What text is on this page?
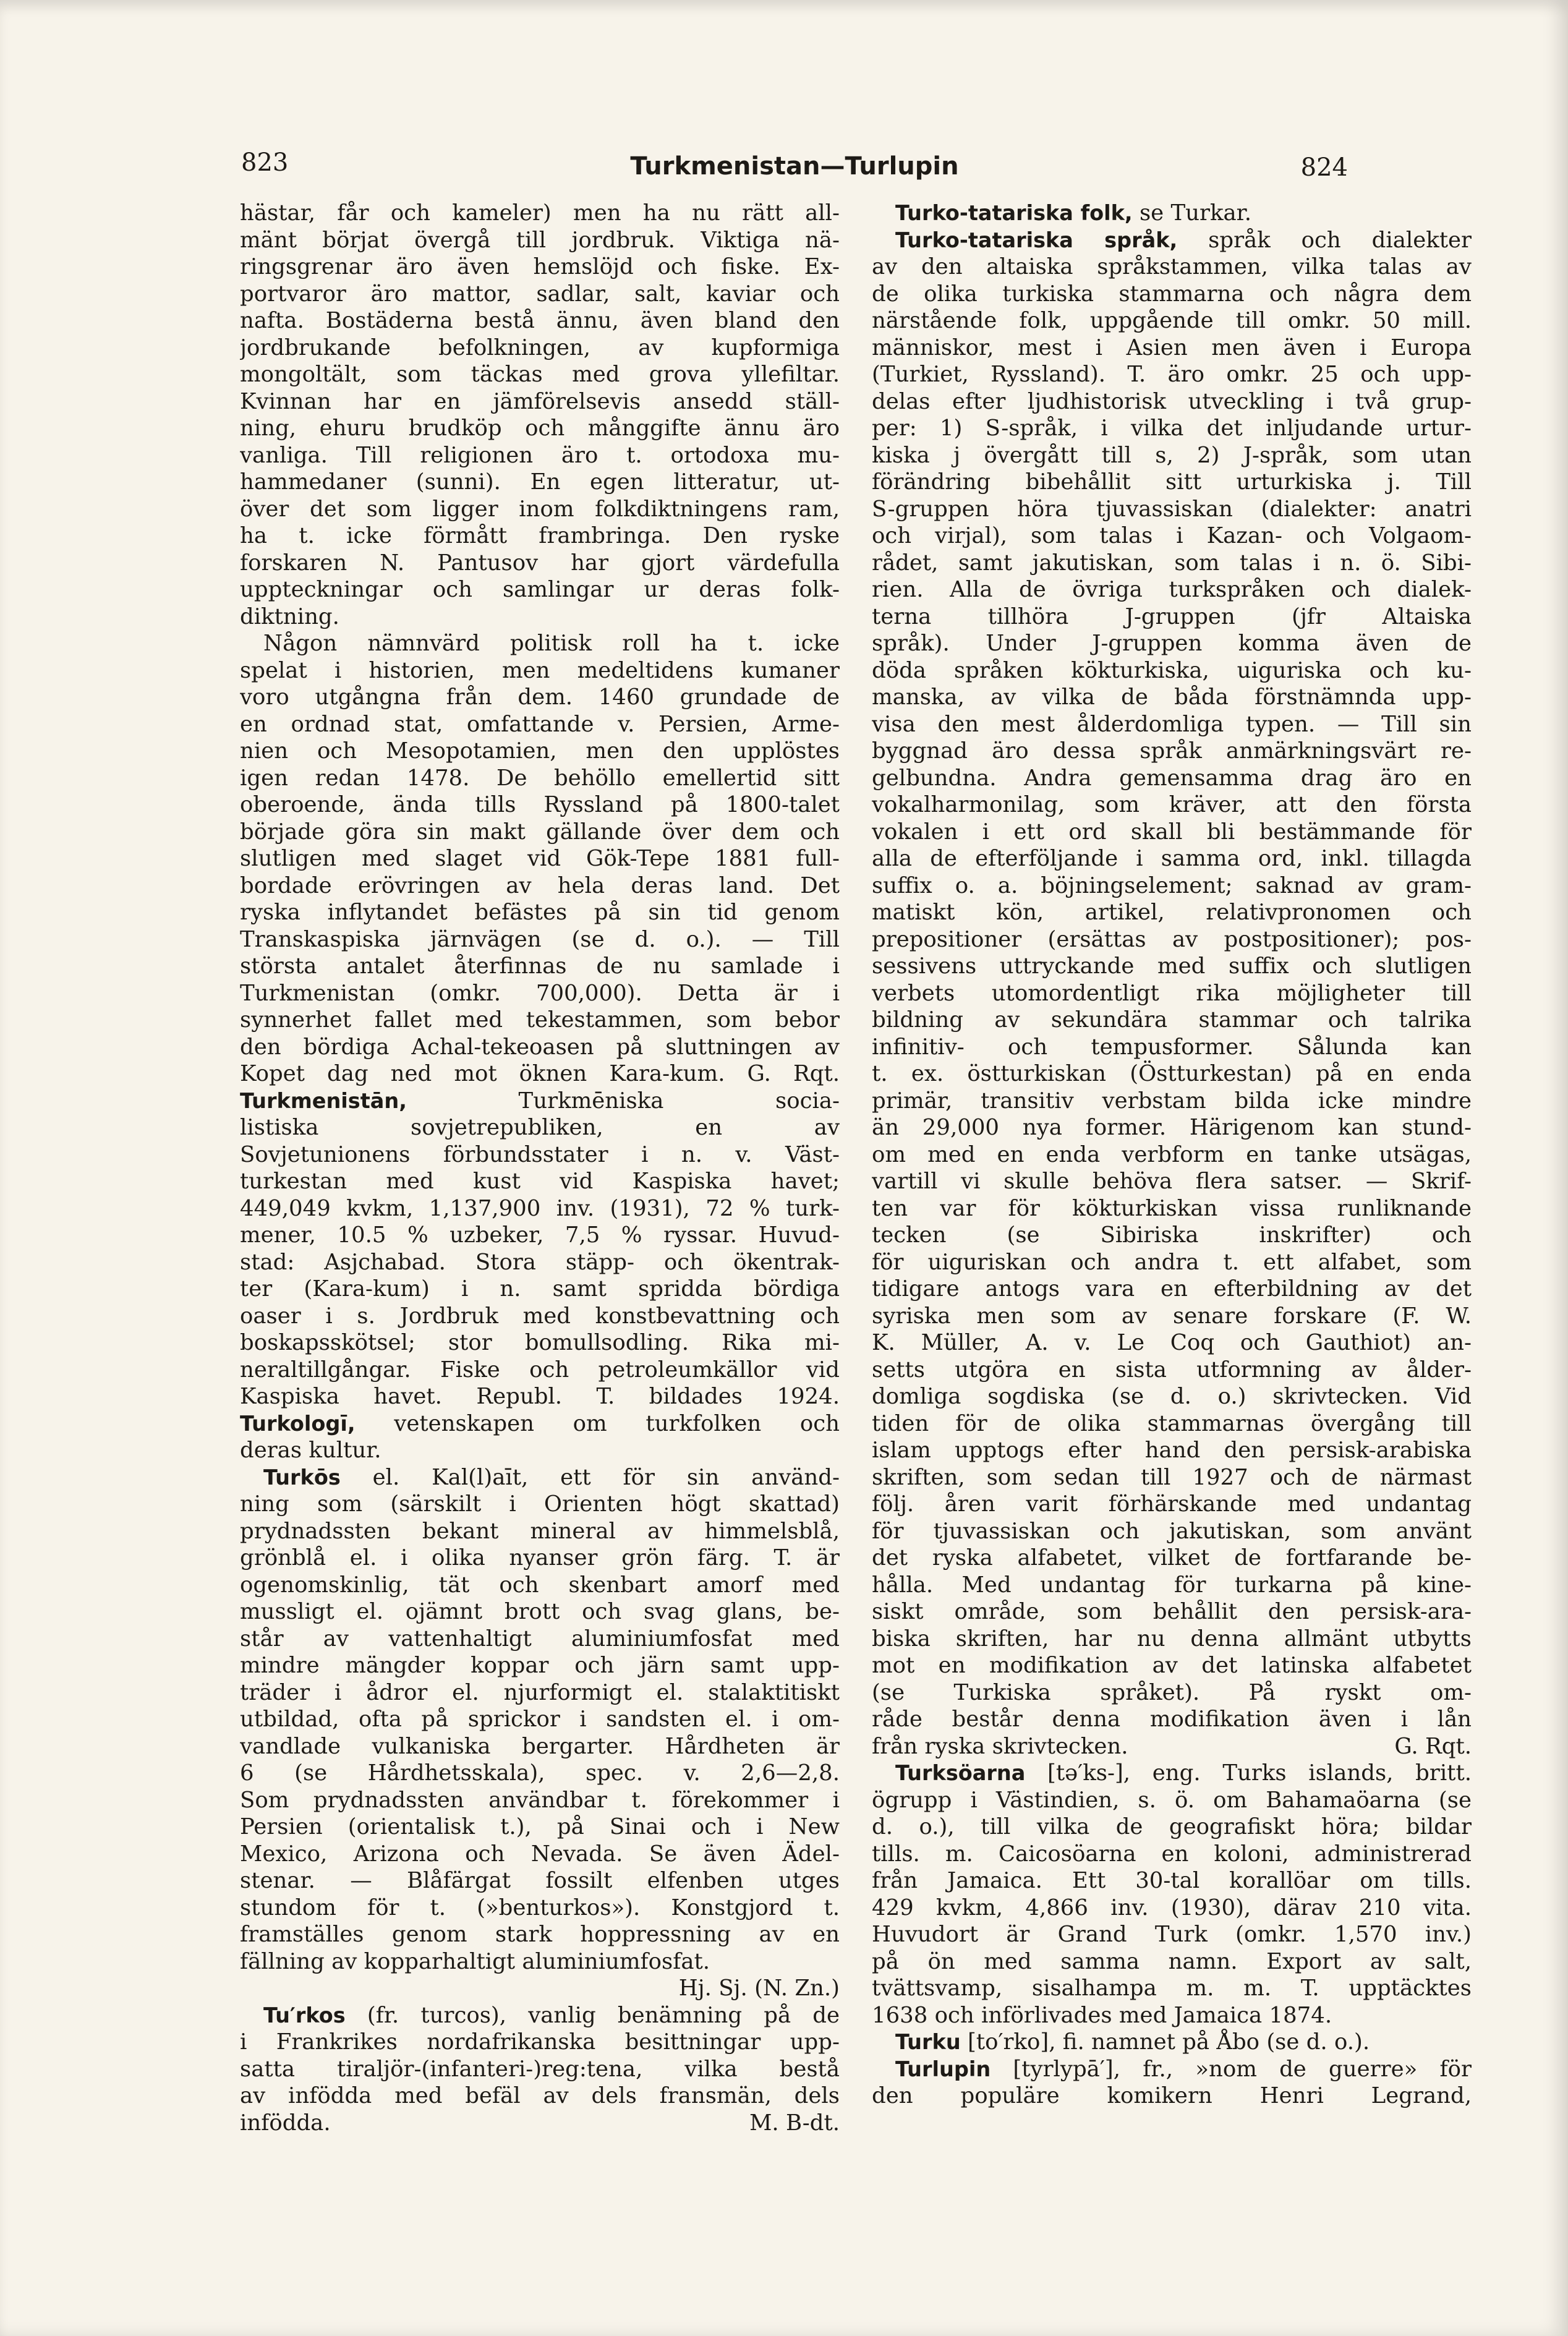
823	Turkmenistan—Turlupin	824
hästar, får och kameler) men ha nu rätt all-
mänt börjat övergå till jordbruk. Viktiga nä-
ringsgrenar äro även hemslöjd och fiske. Ex-
portvaror äro mattor, sadlar, salt, kaviar och
nafta. Bostäderna bestå ännu, även bland den
jordbrukande befolkningen, av kupformiga
mongoltält, som täckas med grova yllefiltar.
Kvinnan har en jämförelsevis ansedd ställ-
ning, ehuru brudköp och månggifte ännu äro
vanliga. Till religionen äro t. ortodoxa mu-
hammedaner (sunni). En egen litteratur, ut-
över det som ligger inom folkdiktningens ram,
ha t. icke förmått frambringa. Den ryske
forskaren N. Pantusov har gjort värdefulla
uppteckningar och samlingar ur deras folk-
diktning.
Någon nämnvärd politisk roll ha t. icke
spelat i historien, men medeltidens kumaner
voro utgångna från dem. 1460 grundade de
en ordnad stat, omfattande v. Persien, Arme-
nien och Mesopotamien, men den upplöstes
igen redan 1478. De behöllo emellertid sitt
oberoende, ända tills Ryssland på 1800-talet
började göra sin makt gällande över dem och
slutligen med slaget vid Gök-Tepe 1881 full-
bordade erövringen av hela deras land. Det
ryska inflytandet befästes på sin tid genom
Transkaspiska järnvägen (se d. o.). — Till
största antalet återfinnas de nu samlade i
Turkmenistan (omkr. 700,000). Detta är i
synnerhet fallet med tekestammen, som bebor
den bördiga Achal-tekeoasen på sluttningen av
Kopet dag ned mot öknen Kara-kum. G. Rqt.
Turkmenistān, Turkmēniska socia-
listiska sovjetrepubliken, en av
Sovjetunionens förbundsstater i n. v. Väst-
turkestan med kust vid Kaspiska havet;
449,049 kvkm, 1,137,900 inv. (1931), 72 % turk-
mener, 10.5 % uzbeker, 7,5 % ryssar. Huvud-
stad: Asjchabad. Stora stäpp- och ökentrak-
ter (Kara-kum) i n. samt spridda bördiga
oaser i s. Jordbruk med konstbevattning och
boskapsskötsel; stor bomullsodling. Rika mi-
neraltillgångar. Fiske och petroleumkällor vid
Kaspiska havet. Republ. T. bildades 1924.
Turkologī, vetenskapen om turkfolken och
deras kultur.
Turkōs el. Kal(l)aīt, ett för sin använd-
ning som (särskilt i Orienten högt skattad)
prydnadssten bekant mineral av himmelsblå,
grönblå el. i olika nyanser grön färg. T. är
ogenomskinlig, tät och skenbart amorf med
mussligt el. ojämnt brott och svag glans, be-
står av vattenhaltigt aluminiumfosfat med
mindre mängder koppar och järn samt upp-
träder i ådror el. njurformigt el. stalaktitiskt
utbildad, ofta på sprickor i sandsten el. i om-
vandlade vulkaniska bergarter. Hårdheten är
6 (se Hårdhetsskala), spec. v. 2,6—2,8.
Som prydnadssten användbar t. förekommer i
Persien (orientalisk t.), på Sinai och i New
Mexico, Arizona och Nevada. Se även Ädel-
stenar. — Blåfärgat fossilt elfenben utges
stundom för t. (»benturkos»). Konstgjord t.
framställes genom stark hoppressning av en
fällning av kopparhaltigt aluminiumfosfat.
Hj. Sj. (N. Zn.)
Tu′rkos (fr. turcos), vanlig benämning på de
i Frankrikes nordafrikanska besittningar upp-
satta tiraljör-(infanteri-)reg:tena, vilka bestå
av infödda med befäl av dels fransmän, dels
infödda.	M. B-dt.
Turko-tatariska folk, se Turkar.
Turko-tatariska språk, språk och dialekter
av den altaiska språkstammen, vilka talas av
de olika turkiska stammarna och några dem
närstående folk, uppgående till omkr. 50 mill.
människor, mest i Asien men även i Europa
(Turkiet, Ryssland). T. äro omkr. 25 och upp-
delas efter ljudhistorisk utveckling i två grup-
per: 1) S-språk, i vilka det inljudande urtur-
kiska j övergått till s, 2) J-språk, som utan
förändring bibehållit sitt urturkiska j. Till
S-gruppen höra tjuvassiskan (dialekter: anatri
och virjal), som talas i Kazan- och Volgaom-
rådet, samt jakutiskan, som talas i n. ö. Sibi-
rien. Alla de övriga turkspråken och dialek-
terna tillhöra J-gruppen (jfr Altaiska
språk). Under J-gruppen komma även de
döda språken kökturkiska, uiguriska och ku-
manska, av vilka de båda förstnämnda upp-
visa den mest ålderdomliga typen. — Till sin
byggnad äro dessa språk anmärkningsvärt re-
gelbundna. Andra gemensamma drag äro en
vokalharmonilag, som kräver, att den första
vokalen i ett ord skall bli bestämmande för
alla de efterföljande i samma ord, inkl. tillagda
suffix o. a. böjningselement; saknad av gram-
matiskt kön, artikel, relativpronomen och
prepositioner (ersättas av postpositioner); pos-
sessivens uttryckande med suffix och slutligen
verbets utomordentligt rika möjligheter till
bildning av sekundära stammar och talrika
infinitiv- och tempusformer. Sålunda kan
t. ex. östturkiskan (Östturkestan) på en enda
primär, transitiv verbstam bilda icke mindre
än 29,000 nya former. Härigenom kan stund-
om med en enda verbform en tanke utsägas,
vartill vi skulle behöva flera satser. — Skrif-
ten var för kökturkiskan vissa runliknande
tecken (se Sibiriska inskrifter) och
för uiguriskan och andra t. ett alfabet, som
tidigare antogs vara en efterbildning av det
syriska men som av senare forskare (F. W.
K. Müller, A. v. Le Coq och Gauthiot) an-
setts utgöra en sista utformning av ålder-
domliga sogdiska (se d. o.) skrivtecken. Vid
tiden för de olika stammarnas övergång till
islam upptogs efter hand den persisk-arabiska
skriften, som sedan till 1927 och de närmast
följ. åren varit förhärskande med undantag
för tjuvassiskan och jakutiskan, som använt
det ryska alfabetet, vilket de fortfarande be-
hålla. Med undantag för turkarna på kine-
siskt område, som behållit den persisk-ara-
biska skriften, har nu denna allmänt utbytts
mot en modifikation av det latinska alfabetet
(se Turkiska språket). På ryskt om-
råde består denna modifikation även i lån
från ryska skrivtecken.	G. Rqt.
Turksöarna [tə′ks-], eng. Turks islands, britt.
ögrupp i Västindien, s. ö. om Bahamaöarna (se
d. o.), till vilka de geografiskt höra; bildar
tills. m. Caicosöarna en koloni, administrerad
från Jamaica. Ett 30-tal korallöar om tills.
429 kvkm, 4,866 inv. (1930), därav 210 vita.
Huvudort är Grand Turk (omkr. 1,570 inv.)
på ön med samma namn. Export av salt,
tvättsvamp, sisalhampa m. m. T. upptäcktes
1638 och införlivades med Jamaica 1874.
Turku [to′rko], fi. namnet på Åbo (se d. o.).
Turlupin [tyrlypā′], fr., »nom de guerre» för
den populäre komikern Henri Legrand,
